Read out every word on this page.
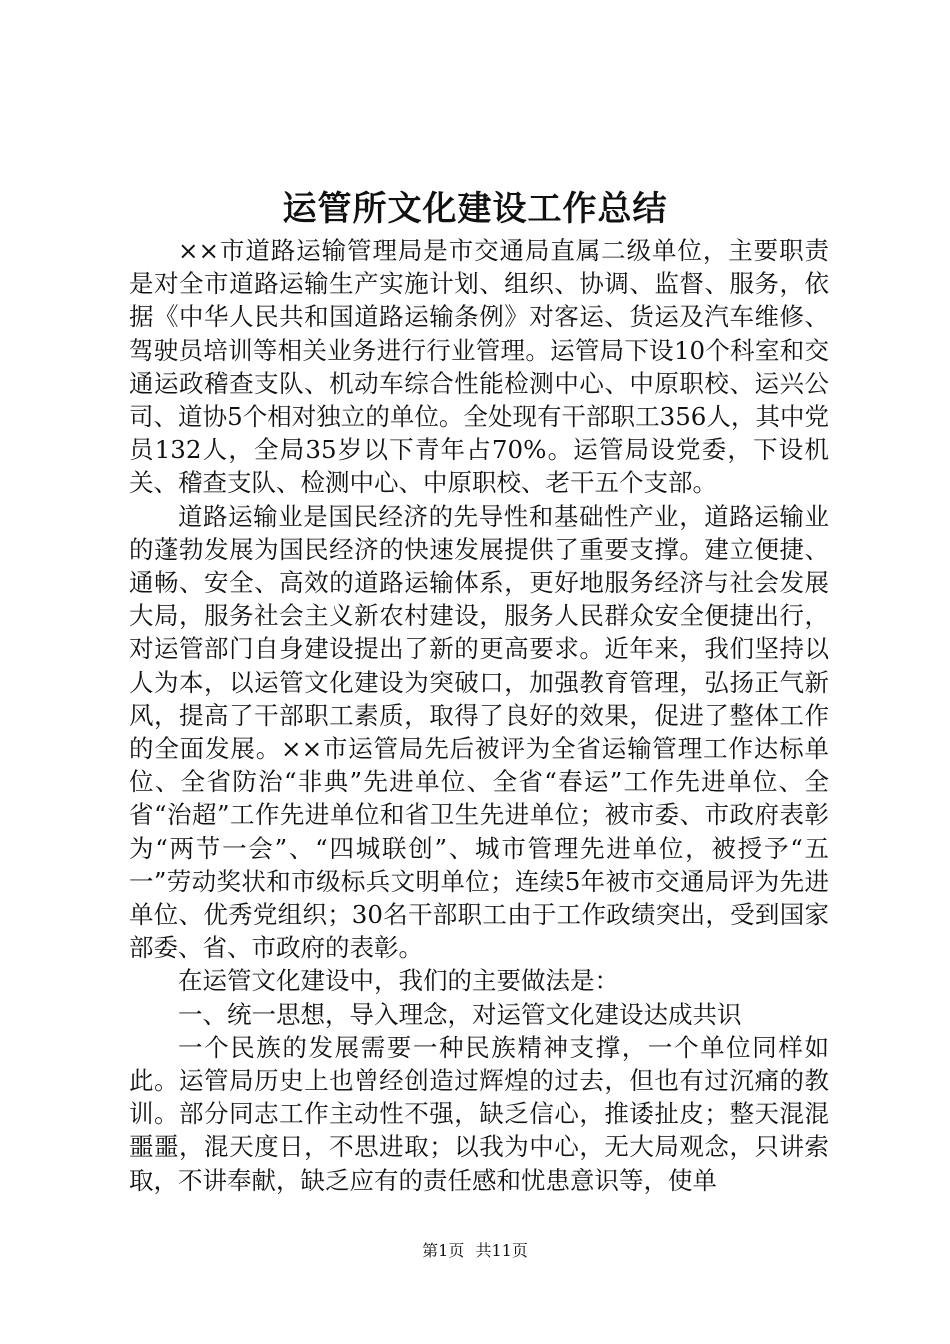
运管所文化建设工作总结

××市道路运输管理局是市交通局直属二级单位，主要职责是对全市道路运输生产实施计划、组织、协调、监督、服务，依据《中华人民共和国道路运输条例》对客运、货运及汽车维修、驾驶员培训等相关业务进行行业管理。运管局下设10个科室和交通运政稽查支队、机动车综合性能检测中心、中原职校、运兴公司、道协5个相对独立的单位。全处现有干部职工356人，其中党员132人，全局35岁以下青年占70%。运管局设党委，下设机关、稽查支队、检测中心、中原职校、老干五个支部。

道路运输业是国民经济的先导性和基础性产业，道路运输业的蓬勃发展为国民经济的快速发展提供了重要支撑。建立便捷、通畅、安全、高效的道路运输体系，更好地服务经济与社会发展大局，服务社会主义新农村建设，服务人民群众安全便捷出行，对运管部门自身建设提出了新的更高要求。近年来，我们坚持以人为本，以运管文化建设为突破口，加强教育管理，弘扬正气新风，提高了干部职工素质，取得了良好的效果，促进了整体工作的全面发展。××市运管局先后被评为全省运输管理工作达标单位、全省防治“非典”先进单位、全省“春运”工作先进单位、全省“治超”工作先进单位和省卫生先进单位；被市委、市政府表彰为“两节一会”、“四城联创”、城市管理先进单位，被授予“五一”劳动奖状和市级标兵文明单位；连续5年被市交通局评为先进单位、优秀党组织；30名干部职工由于工作政绩突出，受到国家部委、省、市政府的表彰。

在运管文化建设中，我们的主要做法是：

一、统一思想，导入理念，对运管文化建设达成共识

一个民族的发展需要一种民族精神支撑，一个单位同样如此。运管局历史上也曾经创造过辉煌的过去，但也有过沉痛的教训。部分同志工作主动性不强，缺乏信心，推诿扯皮；整天混混噩噩，混天度日，不思进取；以我为中心，无大局观念，只讲索取，不讲奉献，缺乏应有的责任感和忧患意识等，使单

第1页 共11页
